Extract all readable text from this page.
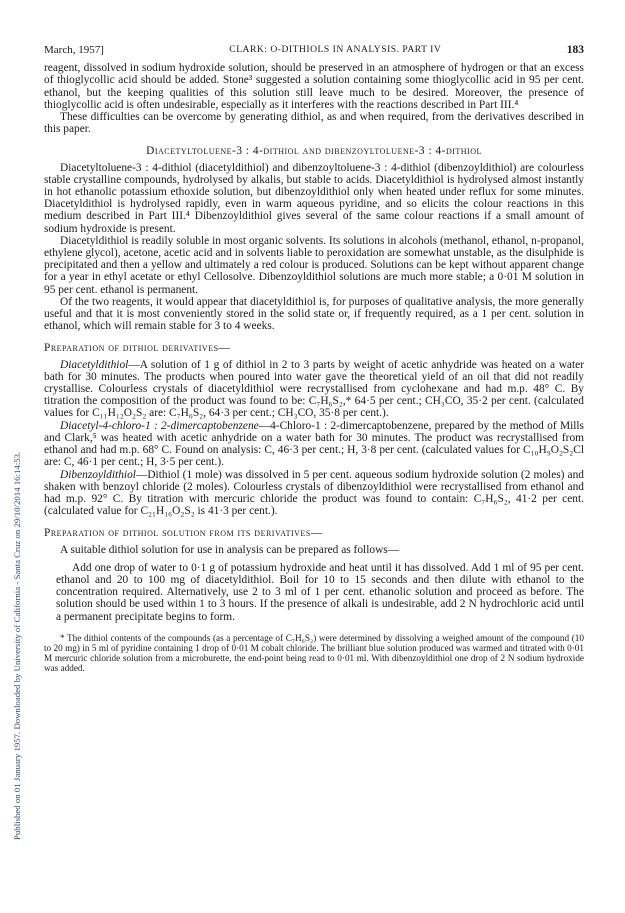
Published on 01 January 1957. Downloaded by University of California - Santa Cruz on 29/10/2014 16:14:53.
March, 1957]	CLARK: O-DITHIOLS IN ANALYSIS. PART IV	183

reagent, dissolved in sodium hydroxide solution, should be preserved in an atmosphere of hydrogen or that an excess of thioglycollic acid should be added. Stone³ suggested a solution containing some thioglycollic acid in 95 per cent. ethanol, but the keeping qualities of this solution still leave much to be desired. Moreover, the presence of thioglycollic acid is often undesirable, especially as it interferes with the reactions described in Part III.⁴

These difficulties can be overcome by generating dithiol, as and when required, from the derivatives described in this paper.

Diacetyltoluene-3 : 4-dithiol and dibenzoyltoluene-3 : 4-dithiol

Diacetyltoluene-3 : 4-dithiol (diacetyldithiol) and dibenzoyltoluene-3 : 4-dithiol (dibenzoyldithiol) are colourless stable crystalline compounds, hydrolysed by alkalis, but stable to acids. Diacetyldithiol is hydrolysed almost instantly in hot ethanolic potassium ethoxide solution, but dibenzoyldithiol only when heated under reflux for some minutes. Diacetyldithiol is hydrolysed rapidly, even in warm aqueous pyridine, and so elicits the colour reactions in this medium described in Part III.⁴ Dibenzoyldithiol gives several of the same colour reactions if a small amount of sodium hydroxide is present.

Diacetyldithiol is readily soluble in most organic solvents. Its solutions in alcohols (methanol, ethanol, n-propanol, ethylene glycol), acetone, acetic acid and in solvents liable to peroxidation are somewhat unstable, as the disulphide is precipitated and then a yellow and ultimately a red colour is produced. Solutions can be kept without apparent change for a year in ethyl acetate or ethyl Cellosolve. Dibenzoyldithiol solutions are much more stable; a 0·01 M solution in 95 per cent. ethanol is permanent.

Of the two reagents, it would appear that diacetyldithiol is, for purposes of qualitative analysis, the more generally useful and that it is most conveniently stored in the solid state or, if frequently required, as a 1 per cent. solution in ethanol, which will remain stable for 3 to 4 weeks.

Preparation of dithiol derivatives—

Diacetyldithiol—A solution of 1 g of dithiol in 2 to 3 parts by weight of acetic anhydride was heated on a water bath for 30 minutes. The products when poured into water gave the theoretical yield of an oil that did not readily crystallise. Colourless crystals of diacetyldithiol were recrystallised from cyclohexane and had m.p. 48° C. By titration the composition of the product was found to be: C₇H₆S₂,* 64·5 per cent.; CH₃CO, 35·2 per cent. (calculated values for C₁₁H₁₂O₂S₂ are: C₇H₆S₂, 64·3 per cent.; CH₃CO, 35·8 per cent.).

Diacetyl-4-chloro-1 : 2-dimercaptobenzene—4-Chloro-1 : 2-dimercaptobenzene, prepared by the method of Mills and Clark,⁵ was heated with acetic anhydride on a water bath for 30 minutes. The product was recrystallised from ethanol and had m.p. 68° C. Found on analysis: C, 46·3 per cent.; H, 3·8 per cent. (calculated values for C₁₀H₉O₂S₂Cl are: C, 46·1 per cent.; H, 3·5 per cent.).

Dibenzoyldithiol—Dithiol (1 mole) was dissolved in 5 per cent. aqueous sodium hydroxide solution (2 moles) and shaken with benzoyl chloride (2 moles). Colourless crystals of dibenzoyldithiol were recrystallised from ethanol and had m.p. 92° C. By titration with mercuric chloride the product was found to contain: C₇H₆S₂, 41·2 per cent. (calculated value for C₂₁H₁₆O₂S₂ is 41·3 per cent.).

Preparation of dithiol solution from its derivatives—

A suitable dithiol solution for use in analysis can be prepared as follows—

Add one drop of water to 0·1 g of potassium hydroxide and heat until it has dissolved. Add 1 ml of 95 per cent. ethanol and 20 to 100 mg of diacetyldithiol. Boil for 10 to 15 seconds and then dilute with ethanol to the concentration required. Alternatively, use 2 to 3 ml of 1 per cent. ethanolic solution and proceed as before. The solution should be used within 1 to 3 hours. If the presence of alkali is undesirable, add 2 N hydrochloric acid until a permanent precipitate begins to form.

* The dithiol contents of the compounds (as a percentage of C₇H₆S₂) were determined by dissolving a weighed amount of the compound (10 to 20 mg) in 5 ml of pyridine containing 1 drop of 0·01 M cobalt chloride. The brilliant blue solution produced was warmed and titrated with 0·01 M mercuric chloride solution from a microburette, the end-point being read to 0·01 ml. With dibenzoyldithiol one drop of 2 N sodium hydroxide was added.
